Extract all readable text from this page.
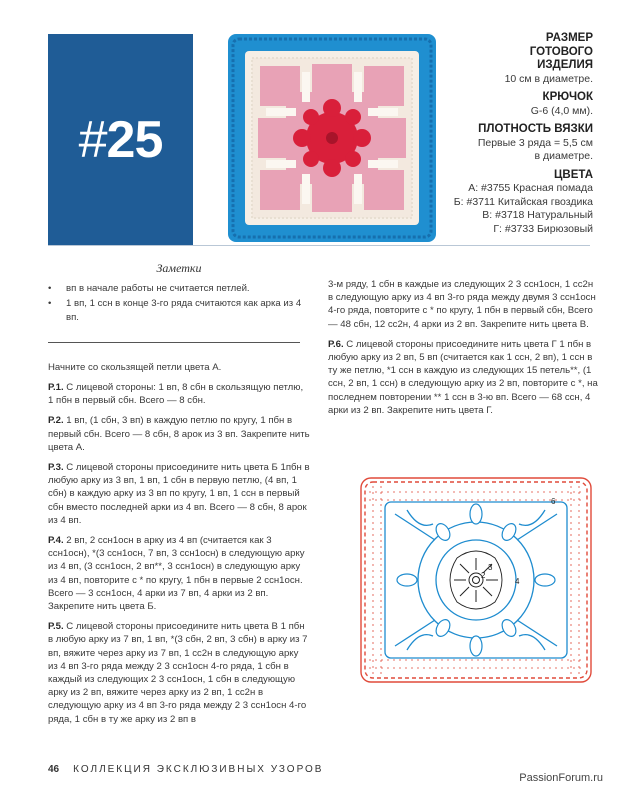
#25
РАЗМЕР ГОТОВОГО ИЗДЕЛИЯ
10 см в диаметре.
КРЮЧОК
G-6 (4,0 мм).
ПЛОТНОСТЬ ВЯЗКИ
Первые 3 ряда = 5,5 см
в диаметре.
ЦВЕТА
А: #3755 Красная помада
Б: #3711 Китайская гвоздика
В: #3718 Натуральный
Г: #3733 Бирюзовый
Заметки
• вп в начале работы не считается петлей.
• 1 вп, 1 ссн в конце 3-го ряда считаются как арка из 4 вп.

Начните со скользящей петли цвета А.

Р.1. С лицевой стороны: 1 вп, 8 сбн в скользящую петлю, 1 пбн в первый сбн. Всего — 8 сбн.

Р.2. 1 вп, (1 сбн, 3 вп) в каждую петлю по кругу, 1 пбн в первый сбн. Всего — 8 сбн, 8 арок из 3 вп. Закрепите нить цвета А.

Р.3. С лицевой стороны присоедините нить цвета Б 1пбн в любую арку из 3 вп, 1 вп, 1 сбн в первую петлю, (4 вп, 1 сбн) в каждую арку из 3 вп по кругу, 1 вп, 1 ссн в первый сбн вместо последней арки из 4 вп. Всего — 8 сбн, 8 арок из 4 вп.

Р.4. 2 вп, 2 ссн1осн в арку из 4 вп (считается как 3 ссн1осн), *(3 ссн1осн, 7 вп, 3 ссн1осн) в следующую арку из 4 вп, (3 ссн1осн, 2 вп**, 3 ссн1осн) в следующую арку из 4 вп, повторите с * по кругу, 1 пбн в первые 2 ссн1осн. Всего — 3 ссн1осн, 4 арки из 7 вп, 4 арки из 2 вп. Закрепите нить цвета Б.

Р.5. С лицевой стороны присоедините нить цвета В 1 пбн в любую арку из 7 вп, 1 вп, *(3 сбн, 2 вп, 3 сбн) в арку из 7 вп, вяжите через арку из 7 вп, 1 сс2н в следующую арку из 4 вп 3-го ряда между 2 3 ссн1осн 4-го ряда, 1 сбн в каждый из следующих 2 3 ссн1осн, 1 сбн в следующую арку из 2 вп, вяжите через арку из 2 вп, 1 сс2н в следующую арку из 4 вп 3-го ряда между 2 3 ссн1осн 4-го ряда, 1 сбн в ту же арку из 2 вп в

3-м ряду, 1 сбн в каждые из следующих 2 3 ссн1осн, 1 сс2н в следующую арку из 4 вп 3-го ряда между двумя 3 ссн1осн 4-го ряда, повторите с * по кругу, 1 пбн в первый сбн, Всего — 48 сбн, 12 сс2н, 4 арки из 2 вп. Закрепите нить цвета В.

Р.6. С лицевой стороны присоедините нить цвета Г 1 пбн в любую арку из 2 вп, 5 вп (считается как 1 ссн, 2 вп), 1 ссн в ту же петлю, *1 ссн в каждую из следующих 15 петель**, (1 ссн, 2 вп, 1 ссн) в следующую арку из 2 вп, повторите с *, на последнем повторении ** 1 ссн в 3-ю вп. Всего — 68 ссн, 4 арки из 2 вп. Закрепите нить цвета Г.

2
3
4
6
46 КОЛЛЕКЦИЯ ЭКСКЛЮЗИВНЫХ УЗОРОВ
PassionForum.ru
